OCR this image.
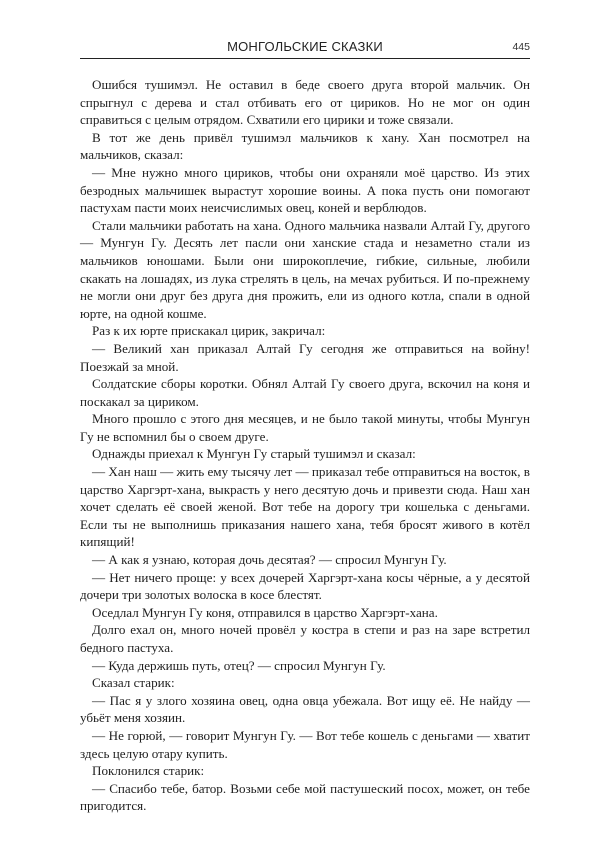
МОНГОЛЬСКИЕ СКАЗКИ	445

Ошибся тушимэл. Не оставил в беде своего друга второй мальчик. Он спрыгнул с дерева и стал отбивать его от цириков. Но не мог он один справиться с целым отрядом. Схватили его цирики и тоже связали.

В тот же день привёл тушимэл мальчиков к хану. Хан посмотрел на мальчиков, сказал:

— Мне нужно много цириков, чтобы они охраняли моё царство. Из этих безродных мальчишек вырастут хорошие воины. А пока пусть они помогают пастухам пасти моих неисчислимых овец, коней и верблюдов.

Стали мальчики работать на хана. Одного мальчика назвали Алтай Гу, другого — Мунгун Гу. Десять лет пасли они ханские стада и незаметно стали из мальчиков юношами. Были они широкоплечие, гибкие, сильные, любили скакать на лошадях, из лука стрелять в цель, на мечах рубиться. И по-прежнему не могли они друг без друга дня прожить, ели из одного котла, спали в одной юрте, на одной кошме.

Раз к их юрте прискакал цирик, закричал:

— Великий хан приказал Алтай Гу сегодня же отправиться на войну! Поезжай за мной.

Солдатские сборы коротки. Обнял Алтай Гу своего друга, вскочил на коня и поскакал за цириком.

Много прошло с этого дня месяцев, и не было такой минуты, чтобы Мунгун Гу не вспомнил бы о своем друге.

Однажды приехал к Мунгун Гу старый тушимэл и сказал:

— Хан наш — жить ему тысячу лет — приказал тебе отправиться на восток, в царство Харгэрт-хана, выкрасть у него десятую дочь и привезти сюда. Наш хан хочет сделать её своей женой. Вот тебе на дорогу три кошелька с деньгами. Если ты не выполнишь приказания нашего хана, тебя бросят живого в котёл кипящий!

— А как я узнаю, которая дочь десятая? — спросил Мунгун Гу.

— Нет ничего проще: у всех дочерей Харгэрт-хана косы чёрные, а у десятой дочери три золотых волоска в косе блестят.

Оседлал Мунгун Гу коня, отправился в царство Харгэрт-хана.

Долго ехал он, много ночей провёл у костра в степи и раз на заре встретил бедного пастуха.

— Куда держишь путь, отец? — спросил Мунгун Гу.

Сказал старик:

— Пас я у злого хозяина овец, одна овца убежала. Вот ищу её. Не найду — убьёт меня хозяин.

— Не горюй, — говорит Мунгун Гу. — Вот тебе кошель с деньгами — хватит здесь целую отару купить.

Поклонился старик:

— Спасибо тебе, батор. Возьми себе мой пастушеский посох, может, он тебе пригодится.
